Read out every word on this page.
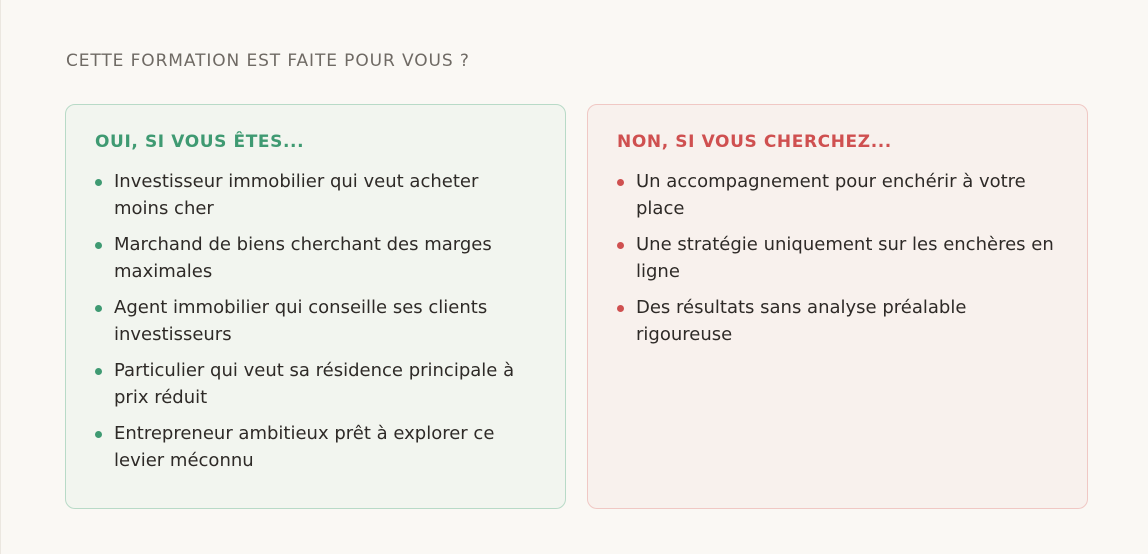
CETTE FORMATION EST FAITE POUR VOUS ?
OUI, SI VOUS ÊTES...
Investisseur immobilier qui veut acheter moins cher
Marchand de biens cherchant des marges maximales
Agent immobilier qui conseille ses clients investisseurs
Particulier qui veut sa résidence principale à prix réduit
Entrepreneur ambitieux prêt à explorer ce levier méconnu
NON, SI VOUS CHERCHEZ...
Un accompagnement pour enchérir à votre place
Une stratégie uniquement sur les enchères en ligne
Des résultats sans analyse préalable rigoureuse
